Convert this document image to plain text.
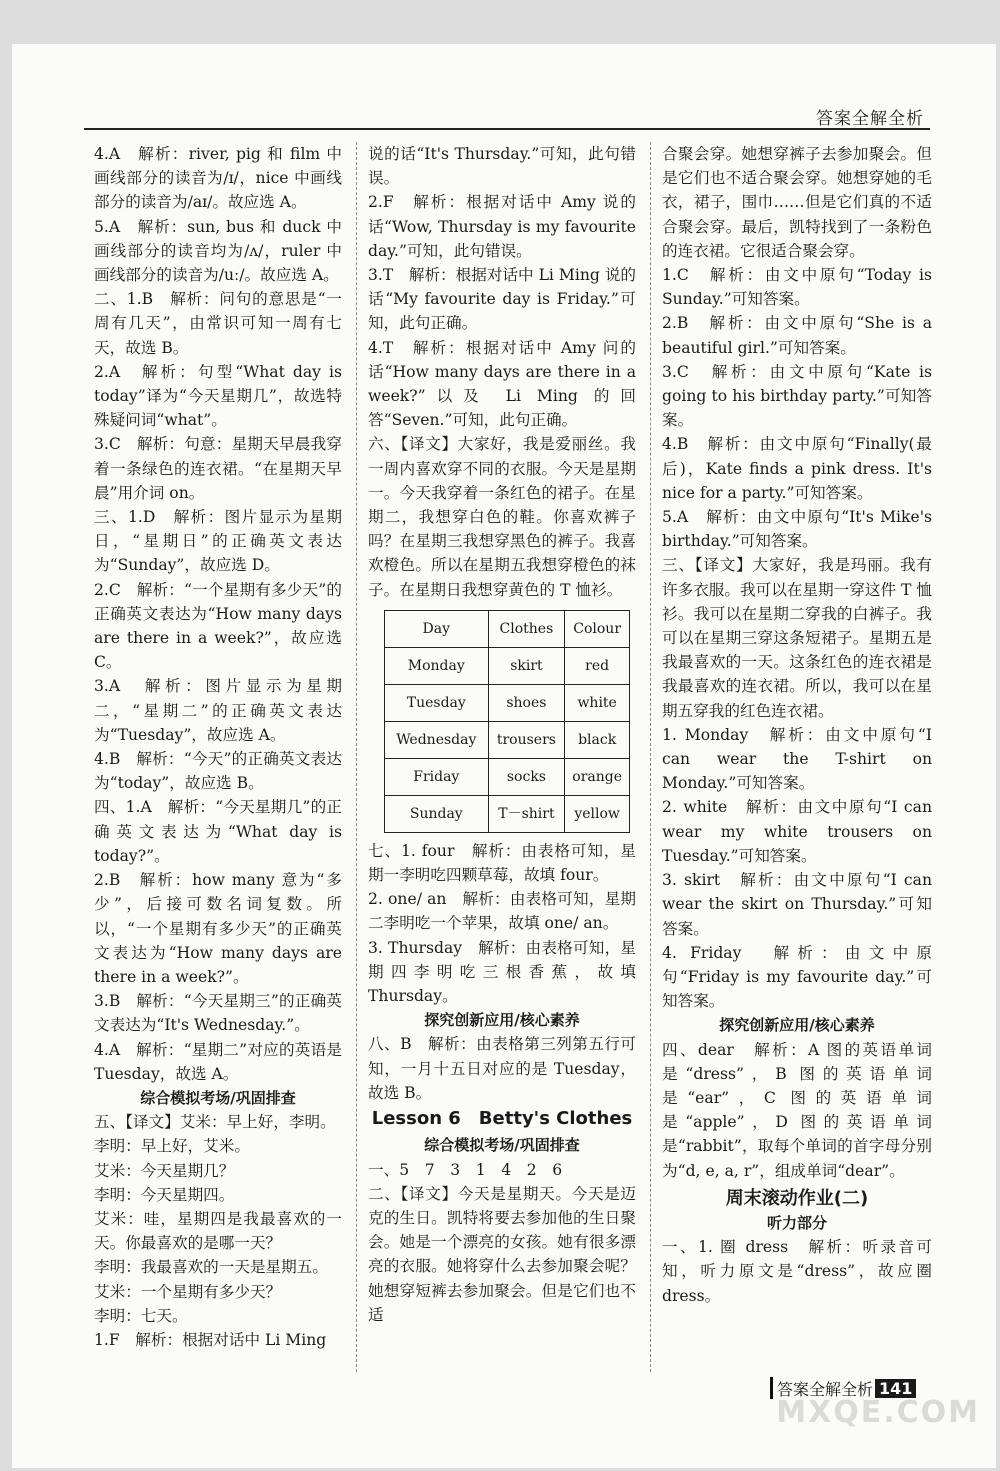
答案全解全析

4.A　解析：river, pig 和 film 中画线部分的读音为/ɪ/，nice 中画线部分的读音为/aɪ/。故应选 A。

5.A　解析：sun, bus 和 duck 中画线部分的读音均为/ʌ/，ruler 中画线部分的读音为/uː/。故应选 A。

二、1.B　解析：问句的意思是“一周有几天”，由常识可知一周有七天，故选 B。

2.A　解析：句型“What day is today”译为“今天星期几”，故选特殊疑问词“what”。

3.C　解析：句意：星期天早晨我穿着一条绿色的连衣裙。“在星期天早晨”用介词 on。

三、1.D　解析：图片显示为星期日，“星期日”的正确英文表达为“Sunday”，故应选 D。

2.C　解析：“一个星期有多少天”的正确英文表达为“How many days are there in a week?”，故应选 C。

3.A　解析：图片显示为星期二，“星期二”的正确英文表达为“Tuesday”，故应选 A。

4.B　解析：“今天”的正确英文表达为“today”，故应选 B。

四、1.A　解析：“今天星期几”的正确英文表达为“What day is today?”。

2.B　解析：how many 意为“多少”，后接可数名词复数。所以，“一个星期有多少天”的正确英文表达为“How many days are there in a week?”。

3.B　解析：“今天星期三”的正确英文表达为“It's Wednesday.”。

4.A　解析：“星期二”对应的英语是 Tuesday，故选 A。

综合模拟考场/巩固排查

五、【译文】艾米：早上好，李明。

李明：早上好，艾米。

艾米：今天星期几？

李明：今天星期四。

艾米：哇，星期四是我最喜欢的一天。你最喜欢的是哪一天？

李明：我最喜欢的一天是星期五。

艾米：一个星期有多少天？

李明：七天。

1.F　解析：根据对话中 Li Ming

说的话“It's Thursday.”可知，此句错误。

2.F　解析：根据对话中 Amy 说的话“Wow, Thursday is my favourite day.”可知，此句错误。

3.T　解析：根据对话中 Li Ming 说的话“My favourite day is Friday.”可知，此句正确。

4.T　解析：根据对话中 Amy 问的话“How many days are there in a week?”以及 Li Ming 的回答“Seven.”可知，此句正确。

六、【译文】大家好，我是爱丽丝。我一周内喜欢穿不同的衣服。今天是星期一。今天我穿着一条红色的裙子。在星期二，我想穿白色的鞋。你喜欢裤子吗？在星期三我想穿黑色的裤子。我喜欢橙色。所以在星期五我想穿橙色的袜子。在星期日我想穿黄色的 T 恤衫。

Day	Clothes	Colour
Monday	skirt	red
Tuesday	shoes	white
Wednesday	trousers	black
Friday	socks	orange
Sunday	T－shirt	yellow

七、1. four　解析：由表格可知，星期一李明吃四颗草莓，故填 four。

2. one/ an　解析：由表格可知，星期二李明吃一个苹果，故填 one/ an。

3. Thursday　解析：由表格可知，星期四李明吃三根香蕉，故填 Thursday。

探究创新应用/核心素养

八、B　解析：由表格第三列第五行可知，一月十五日对应的是 Tuesday，故选 B。

Lesson 6　Betty's Clothes
综合模拟考场/巩固排查

一、5　7　3　1　4　2　6

二、【译文】今天是星期天。今天是迈克的生日。凯特将要去参加他的生日聚会。她是一个漂亮的女孩。她有很多漂亮的衣服。她将穿什么去参加聚会呢？她想穿短裤去参加聚会。但是它们也不适

合聚会穿。她想穿裤子去参加聚会。但是它们也不适合聚会穿。她想穿她的毛衣，裙子，围巾……但是它们真的不适合聚会穿。最后，凯特找到了一条粉色的连衣裙。它很适合聚会穿。

1.C　解析：由文中原句“Today is Sunday.”可知答案。

2.B　解析：由文中原句“She is a beautiful girl.”可知答案。

3.C　解析：由文中原句“Kate is going to his birthday party.”可知答案。

4.B　解析：由文中原句“Finally(最后)，Kate finds a pink dress. It's nice for a party.”可知答案。

5.A　解析：由文中原句“It's Mike's birthday.”可知答案。

三、【译文】大家好，我是玛丽。我有许多衣服。我可以在星期一穿这件 T 恤衫。我可以在星期二穿我的白裤子。我可以在星期三穿这条短裙子。星期五是我最喜欢的一天。这条红色的连衣裙是我最喜欢的连衣裙。所以，我可以在星期五穿我的红色连衣裙。

1. Monday　解析：由文中原句“I can wear the T-shirt on Monday.”可知答案。

2. white　解析：由文中原句“I can wear my white trousers on Tuesday.”可知答案。

3. skirt　解析：由文中原句“I can wear the skirt on Thursday.”可知答案。

4. Friday　解析：由文中原句“Friday is my favourite day.”可知答案。

探究创新应用/核心素养

四、dear　解析：A 图的英语单词是“dress”，B 图的英语单词是“ear”，C 图的英语单词是“apple”，D 图的英语单词是“rabbit”，取每个单词的首字母分别为“d, e, a, r”，组成单词“dear”。

周末滚动作业(二)
听力部分

一、1. 圈 dress　解析：听录音可知，听力原文是“dress”，故应圈 dress。

答案全解全析 141
MXQE.COM
